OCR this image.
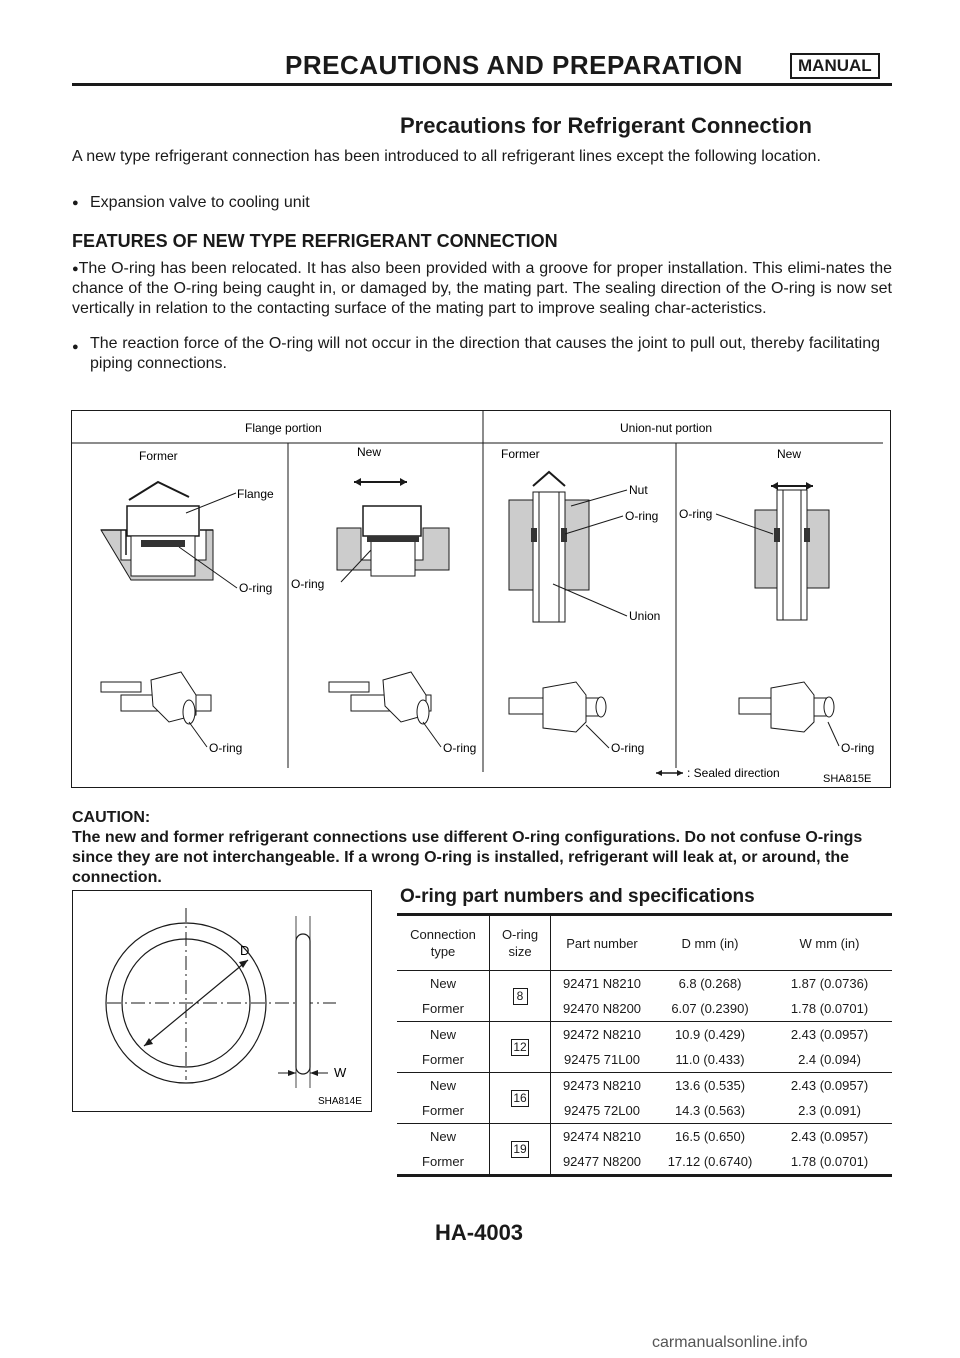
PRECAUTIONS AND PREPARATION	MANUAL
Precautions for Refrigerant Connection
A new type refrigerant connection has been introduced to all refrigerant lines except the following location.
● Expansion valve to cooling unit
FEATURES OF NEW TYPE REFRIGERANT CONNECTION
●The O-ring has been relocated. It has also been provided with a groove for proper installation. This elimi-nates the chance of the O-ring being caught in, or damaged by, the mating part. The sealing direction of the O-ring is now set vertically in relation to the contacting surface of the mating part to improve sealing char-acteristics.
● The reaction force of the O-ring will not occur in the direction that causes the joint to pull out, thereby facilitating piping connections.
Flange portion	Union-nut portion
Former
Flange
O-ring
New
O-ring
Former
Nut
O-ring
Union
New
O-ring
O-ring	O-ring	O-ring	O-ring
: Sealed direction	SHA815E
CAUTION:
The new and former refrigerant connections use different O-ring configurations. Do not confuse O-rings since they are not interchangeable. If a wrong O-ring is installed, refrigerant will leak at, or around, the connection.
D
W
SHA814E
O-ring part numbers and specifications
Connection type	O-ring size	Part number	D mm (in)	W mm (in)
New	8	92471 N8210	6.8 (0.268)	1.87 (0.0736)
Former		92470 N8200	6.07 (0.2390)	1.78 (0.0701)
New	12	92472 N8210	10.9 (0.429)	2.43 (0.0957)
Former		92475 71L00	11.0 (0.433)	2.4 (0.094)
New	16	92473 N8210	13.6 (0.535)	2.43 (0.0957)
Former		92475 72L00	14.3 (0.563)	2.3 (0.091)
New	19	92474 N8210	16.5 (0.650)	2.43 (0.0957)
Former		92477 N8200	17.12 (0.6740)	1.78 (0.0701)
HA-4003
carmanualsonline.info
